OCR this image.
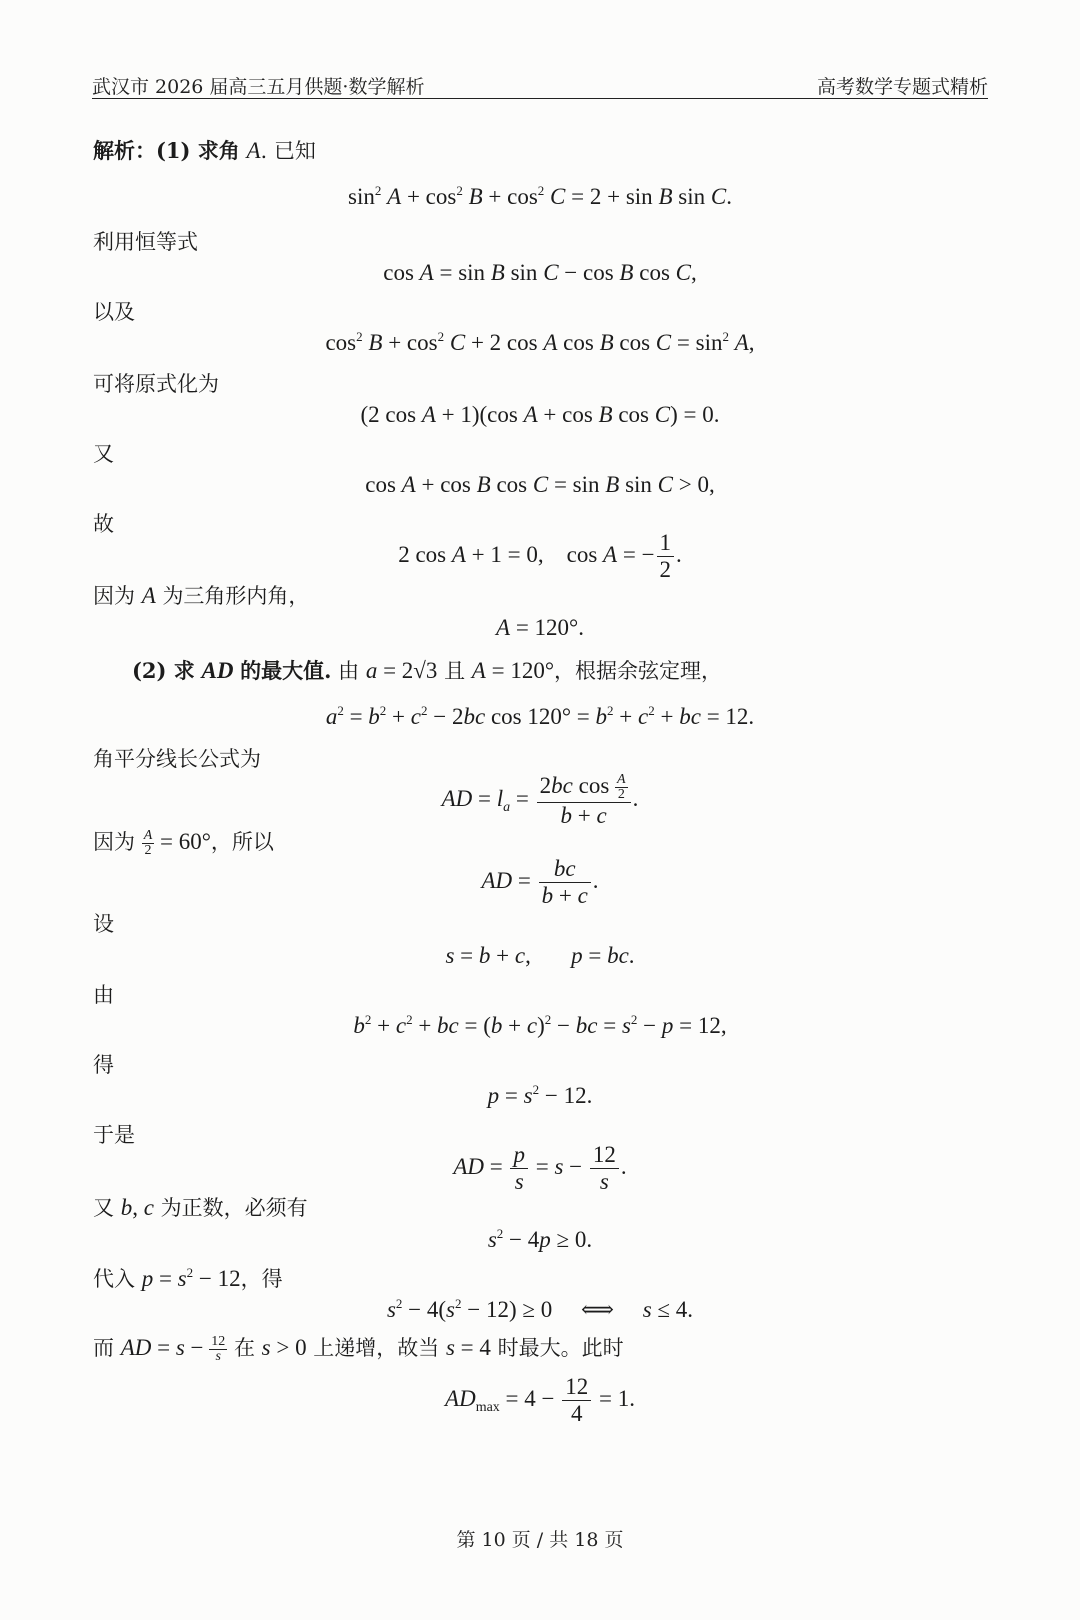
武汉市 2026 届高三五月供题·数学解析	高考数学专题式精析
解析：(1) 求角 A. 已知
$\sin^2 A + \cos^2 B + \cos^2 C = 2 + \sin B$ sin C.
利用恒等式
cos A = sin B sin C − cos B cos C,
以及
$\cos^2 B + \cos^2 C + 2$ cos A cos B $\cos C = \sin^2 A$,
可将原式化为
(2 cos A + 1)(cos A + cos B cos C) = 0.
又
cos A + cos B cos C = sin B sin C > 0,
故
2 cos A + 1 = 0,    cos A = − $\frac{1}{2}$ .
因为 A 为三角形内角，
A = 120°.
(2) 求 AD 的最大值. 由 a = 2√3 且 A = 120°，根据余弦定理，
$a^2 = b^2 + c^2 - 2bc$ $\cos 120^\circ = b^2 + c^2$ + bc = 12.
角平分线长公式为
AD = $l_a = \frac{2bc \cos \frac{A}{2}}{b + c}$ .
因为 $\frac{A}{2} = 60^\circ$，所以
AD = $\frac{bc}{b + c}$ .
设
s = b + c,       p = bc.
由
$b^2 + c^2$ + bc = $(b + c)^2$ − bc = $s^2 - p = 12$,
得
$p = s^2 - 12$.
于是
AD = $\frac{p}{s} = s - \frac{12}{s}$ .
又 b, c 为正数，必须有
$s^2 - 4p \ge 0$.
代入 $p = s^2 - 12$，得
$s^2 - 4(s^2 - 12) \ge 0$     ⟺     s ≤ 4.
而 AD = $s - \frac{12}{s}$ 在 s > 0 上递增，故当 s = 4 时最大。此时
$AD_{max} = 4 - \frac{12}{4} = 1$.
第 10 页 / 共 18 页
